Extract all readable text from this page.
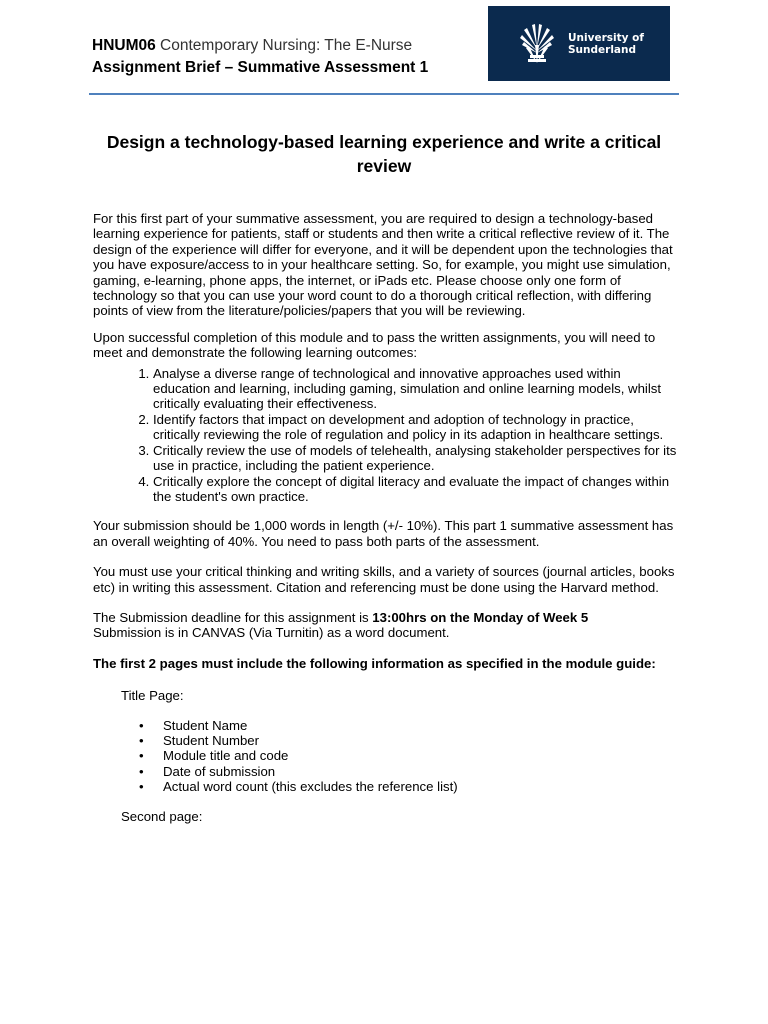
HNUM06 Contemporary Nursing: The E-Nurse
Assignment Brief – Summative Assessment 1
University of
Sunderland
Design a technology-based learning experience and write a critical review

For this first part of your summative assessment, you are required to design a technology-based learning experience for patients, staff or students and then write a critical reflective review of it. The design of the experience will differ for everyone, and it will be dependent upon the technologies that you have exposure/access to in your healthcare setting. So, for example, you might use simulation, gaming, e-learning, phone apps, the internet, or iPads etc. Please choose only one form of technology so that you can use your word count to do a thorough critical reflection, with differing points of view from the literature/policies/papers that you will be reviewing.

Upon successful completion of this module and to pass the written assignments, you will need to meet and demonstrate the following learning outcomes:

1. Analyse a diverse range of technological and innovative approaches used within education and learning, including gaming, simulation and online learning models, whilst critically evaluating their effectiveness.
2. Identify factors that impact on development and adoption of technology in practice, critically reviewing the role of regulation and policy in its adaption in healthcare settings.
3. Critically review the use of models of telehealth, analysing stakeholder perspectives for its use in practice, including the patient experience.
4. Critically explore the concept of digital literacy and evaluate the impact of changes within the student's own practice.

Your submission should be 1,000 words in length (+/- 10%). This part 1 summative assessment has an overall weighting of 40%. You need to pass both parts of the assessment.

You must use your critical thinking and writing skills, and a variety of sources (journal articles, books etc) in writing this assessment. Citation and referencing must be done using the Harvard method.

The Submission deadline for this assignment is 13:00hrs on the Monday of Week 5
Submission is in CANVAS (Via Turnitin) as a word document.

The first 2 pages must include the following information as specified in the module guide:

Title Page:
• Student Name
• Student Number
• Module title and code
• Date of submission
• Actual word count (this excludes the reference list)
Second page:
